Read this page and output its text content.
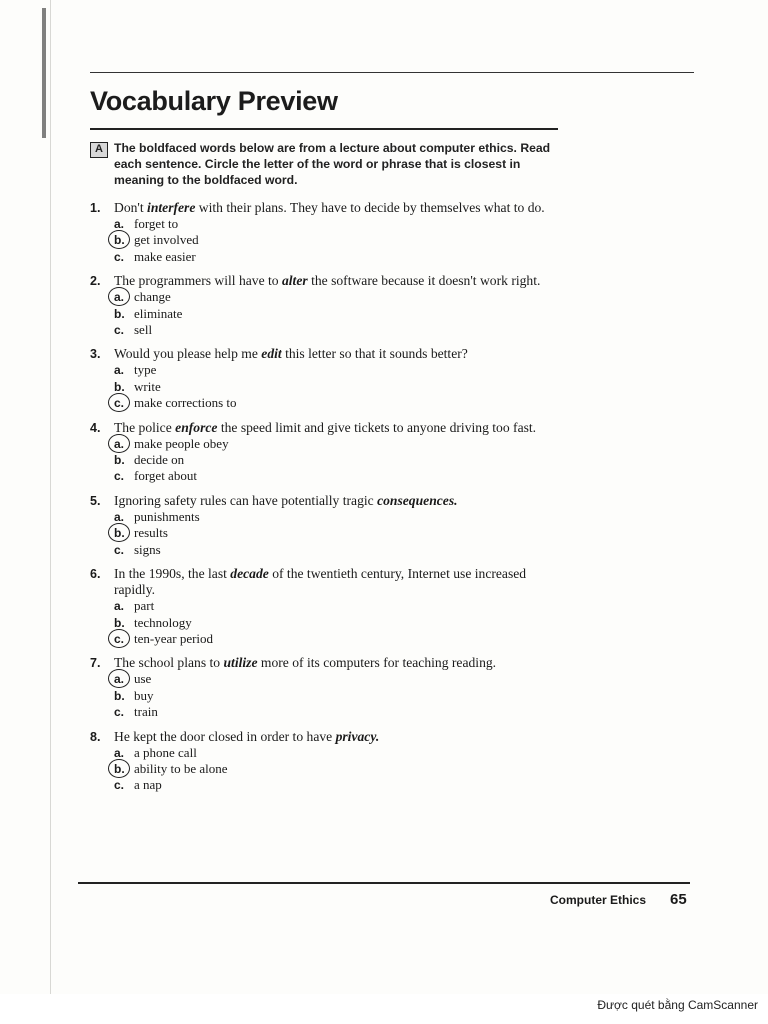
Vocabulary Preview
A The boldfaced words below are from a lecture about computer ethics. Read each sentence. Circle the letter of the word or phrase that is closest in meaning to the boldfaced word.
1. Don't interfere with their plans. They have to decide by themselves what to do.
a. forget to
b. get involved
c. make easier
2. The programmers will have to alter the software because it doesn't work right.
a. change
b. eliminate
c. sell
3. Would you please help me edit this letter so that it sounds better?
a. type
b. write
c. make corrections to
4. The police enforce the speed limit and give tickets to anyone driving too fast.
a. make people obey
b. decide on
c. forget about
5. Ignoring safety rules can have potentially tragic consequences.
a. punishments
b. results
c. signs
6. In the 1990s, the last decade of the twentieth century, Internet use increased rapidly.
a. part
b. technology
c. ten-year period
7. The school plans to utilize more of its computers for teaching reading.
a. use
b. buy
c. train
8. He kept the door closed in order to have privacy.
a. a phone call
b. ability to be alone
c. a nap
Computer Ethics 65
Được quét bằng CamScanner
